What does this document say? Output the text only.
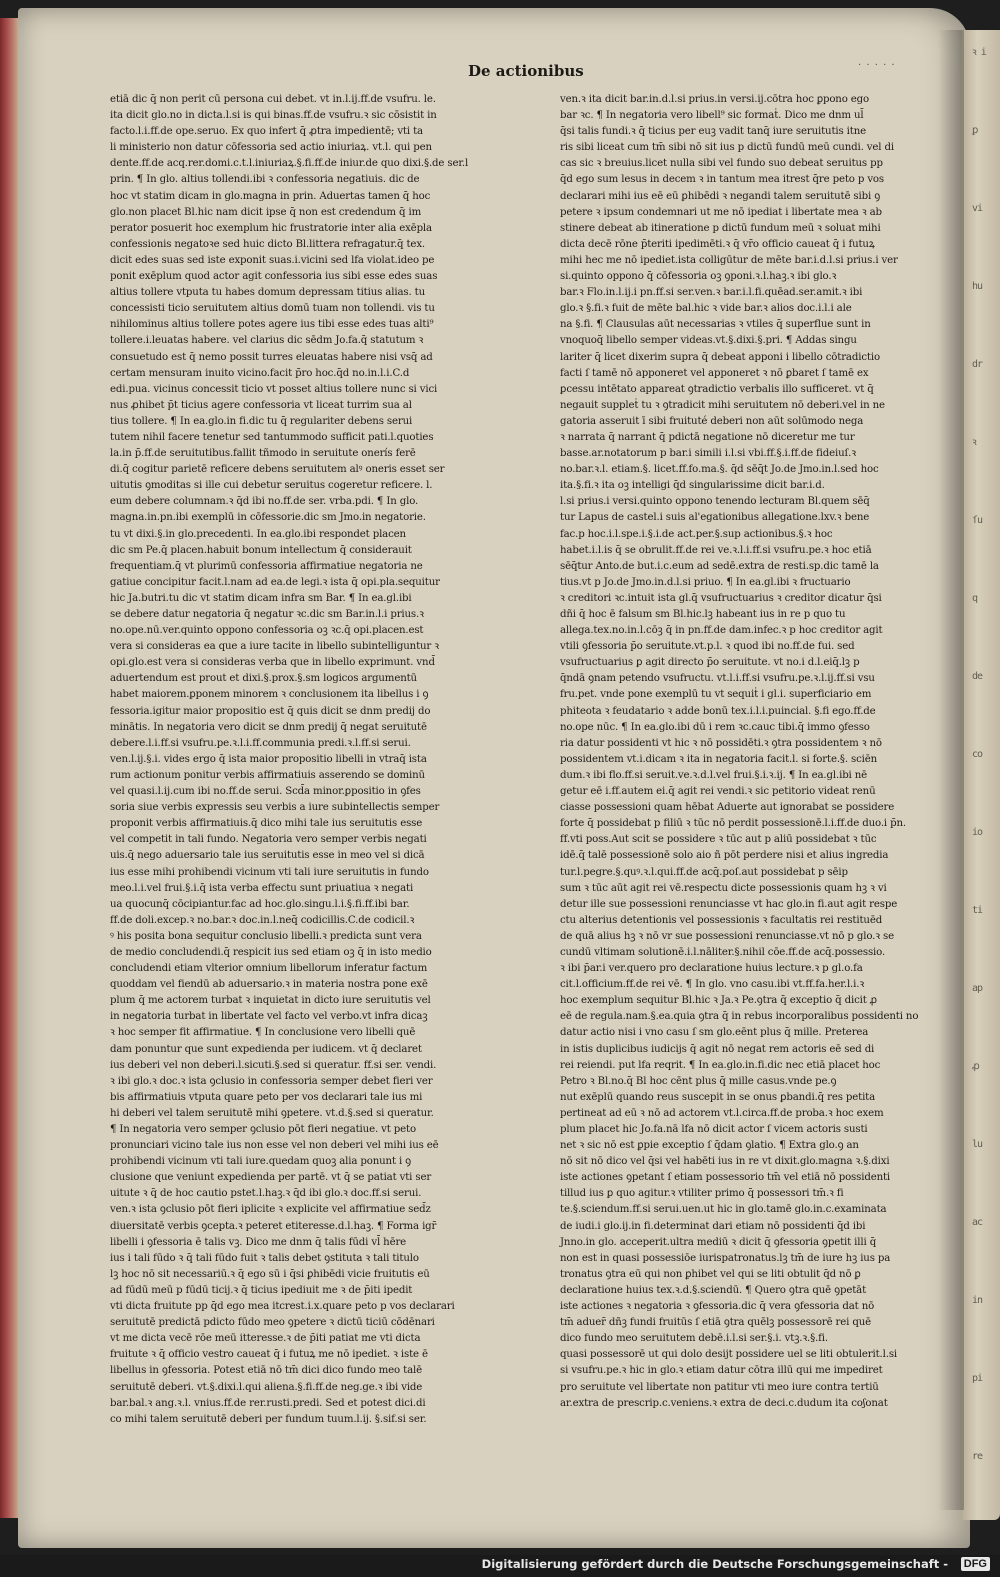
ꝛ i
ꝑ
vi
hu
dr
ꝛ
ſu
q
de
co
io
ti
ap
ꝓ
lu
ac
in
pi
re
De actionibus	· · · · ·

etiā dic q̄ non perit cū persona cui debet. vt in.l.ij.ff.de vsufru. le.

ita dicit glo.no in dicta.l.si is qui binas.ff.de vsufru.ꝛ sic cōsistit in

facto.l.i.ff.de ope.seruo. Ex quo infert q̄ ꝓtra impedientē; vti ta

li ministerio non datur cōfessoria sed actio iniuriaꝝ. vt.l. qui pen

dente.ff.de acq.rer.domi.c.t.l.iniuriaꝝ.§.fi.ff.de iniur.de quo dixi.§.de ser.l

prin. ¶ In glo. altius tollendi.ibi ꝛ confessoria negatiuis. dic de

hoc vt statim dicam in glo.magna in prin. Aduertas tamen q̄ hoc

glo.non placet Bl.hic nam dicit ipse q̄ non est credendum q̄ im

perator posuerit hoc exemplum hic frustratorie inter alia exēpla

confessionis negatoꝛe sed huic dicto Bl.littera refragatur.q̄ tex.

dicit edes suas sed iste exponit suas.i.vicini sed lfa violat.ideo pe

ponit exēplum quod actor agit confessoria ius sibi esse edes suas

altius tollere vtputa tu habes domum depressam titius alias. tu

concessisti ticio seruitutem altius domū tuam non tollendi. vis tu

nihilominus altius tollere potes agere ius tibi esse edes tuas alti⁹

tollere.i.leuatas habere. vel clarius dic sēdm Jo.fa.q̄ statutum ꝛ

consuetudo est q̄ nemo possit turres eleuatas habere nisi vsq̄ ad

certam mensuram inuito vicino.facit p̄ro hoc.q̄d no.in.l.i.C.d

edi.pua. vicinus concessit ticio vt posset altius tollere nunc si vici

nus ꝓhibet p̄t ticius agere confessoria vt liceat turrim sua al

tius tollere. ¶ In ea.glo.in fi.dic tu q̄ regulariter debens serui

tutem nihil facere tenetur sed tantummodo sufficit pati.l.quoties

la.in p̄.ff.de seruitutibus.fallit tñmodo in seruitute onerís ferē

di.q̄ cogitur parietē reficere debens seruitutem alꝰ oneris esset ser

uitutis ꝯmoditas si ille cui debetur seruitus cogeretur reficere. l.

eum debere columnam.ꝛ q̄d ibi no.ff.de ser. vrba.pdi. ¶ In glo.

magna.in.pn.ibi exemplū in cōfessorie.dic sm Jmo.in negatorie.

tu vt dixi.§.in glo.precedenti. In ea.glo.ibi respondet placen

dic sm Pe.q̄ placen.habuit bonum intellectum q̄ considerauit

frequentiam.q̄ vt plurimū confessoria affirmatiue negatoria ne

gatiue concipitur facit.l.nam ad ea.de legi.ꝛ ista q̄ opi.pla.sequitur

hic Ja.butri.tu dic vt statim dicam infra sm Bar. ¶ In ea.gl.ibi

se debere datur negatoria q̄ negatur ꝛc.dic sm Bar.in.l.i prius.ꝛ

no.ope.nū.ver.quinto oppono confessoria oꝫ ꝛc.q̄ opi.placen.est

vera si consideras ea que a iure tacite in libello subintelliguntur ꝛ

opi.glo.est vera si consideras verba que in libello exprimunt. vnd̄

aduertendum est prout et dixi.§.prox.§.sm logicos argumentū

habet maiorem.ꝑponem minorem ꝛ conclusionem ita libellus i ꝯ

fessoria.igitur maior propositio est q̄ quis dicit se dnm predij do

minātis. In negatoria vero dicit se dnm predij q̄ negat seruitutē

debere.l.i.ff.si vsufru.pe.ꝛ.l.i.ff.communia predi.ꝛ.l.ff.si serui.

ven.l.ij.§.i. vides ergo q̄ ista maior propositio libelli in vtraq̄ ista

rum actionum ponitur verbis affirmatiuis asserendo se dominū

vel quasi.l.ij.cum ibi no.ff.de serui. Scd̄a minor.ꝑpositio in ꝯfes

soria siue verbis expressis seu verbis a iure subintellectis semper

proponit verbis affirmatiuis.q̄ dico mihi tale ius seruitutis esse

vel competit in tali fundo. Negatoria vero semper verbis negati

uis.q̄ nego aduersario tale ius seruitutis esse in meo vel si dicā

ius esse mihi prohibendi vicinum vti tali iure seruitutis in fundo

meo.l.i.vel frui.§.i.q̄ ista verba effectu sunt priuatiua ꝛ negati

ua quocunq̄ cōcipiantur.fac ad hoc.glo.singu.l.i.§.fi.ff.ibi bar.

ff.de doli.excep.ꝛ no.bar.ꝛ doc.in.l.neq̄ codicillis.C.de codicil.ꝛ

ꝰ his posita bona sequitur conclusio libelli.ꝛ predicta sunt vera

de medio concludendi.q̄ respicit ius sed etiam oꝫ q̄ in isto medio

concludendi etiam vlterior omnium libellorum inferatur factum

quoddam vel fiendū ab aduersario.ꝛ in materia nostra pone exē

plum q̄ me actorem turbat ꝛ inquietat in dicto iure seruitutis vel

in negatoria turbat in libertate vel facto vel verbo.vt infra dicaꝫ

ꝛ hoc semper fit affirmatiue. ¶ In conclusione vero libelli quē

dam ponuntur que sunt expedienda per iudicem. vt q̄ declaret

ius deberi vel non deberi.l.sicuti.§.sed si queratur. ff.si ser. vendi.

ꝛ ibi glo.ꝛ doc.ꝛ ista ꝯclusio in confessoria semper debet fieri ver

bis affirmatiuis vtputa quare peto per vos declarari tale ius mi

hi deberi vel talem seruitutē mihi ꝯpetere. vt.d.§.sed si queratur.

¶ In negatoria vero semper ꝯclusio pōt fieri negatiue. vt peto

pronunciari vicino tale ius non esse vel non deberi vel mihi ius eē

prohibendi vicinum vti tali iure.quedam quoꝫ alia ponunt i ꝯ

clusione que veniunt expedienda per partē. vt q̄ se patiat vti ser

uitute ꝛ q̄ de hoc cautio pstet.l.haꝫ.ꝛ q̄d ibi glo.ꝛ doc.ff.si serui.

ven.ꝛ ista ꝯclusio pōt fieri iplicite ꝛ explicite vel affirmatiue sed̄z

diuersitatē verbis ꝯcepta.ꝛ peteret etiteresse.d.l.haꝫ. ¶ Forma igr̄

libelli i ꝯfessoria ē talis vꝫ. Dico me dnm q̄ talis fūdi vl̄ hēre

ius i tali fūdo ꝛ q̄ tali fūdo fuit ꝛ talis debet ꝯstituta ꝛ tali titulo

lꝫ hoc nō sit necessariū.ꝛ q̄ ego sū i q̄si ꝑhibēdi vicie fruitutis eū

ad fūdū meū p fūdū ticij.ꝛ q̄ ticius ipediuit me ꝛ de p̄iti ipedit

vti dicta fruitute pp q̄d ego mea itcrest.i.x.quare peto p vos declarari

seruitutē predictā pdicto fūdo meo ꝯpetere ꝛ dictū ticiū cōdēnari

vt me dicta vecē rōe meū itteresse.ꝛ de p̄iti patiat me vti dicta

fruitute ꝛ q̄ officio vestro caueat q̄ i futuꝝ me nō ipediet. ꝛ iste ē

libellus in ꝯfessoria. Potest etiā nō tm̄ dici dico fundo meo talē

seruitutē deberi. vt.§.dixi.l.qui aliena.§.fi.ff.de neg.ge.ꝛ ibi vide

bar.bal.ꝛ ang.ꝛ.l. vnius.ff.de rer.rusti.predi. Sed et potest dici.di

co mihi talem seruitutē deberi per fundum tuum.l.ij. §.sif.si ser.

ven.ꝛ ita dicit bar.in.d.l.si prius.in versi.ij.cōtra hoc ꝑpono ego

bar ꝛc. ¶ In negatoria vero libell⁹ sic formaṫ. Dico me dnm ul̄

q̄si talis fundi.ꝛ q̄ ticius per euꝫ vadit tanq̄ iure seruitutis itne

ris sibi liceat cum tm̄ sibi nō sit ius p dictū fundū meū cundi. vel di

cas sic ꝛ breuius.licet nulla sibi vel fundo suo debeat seruitus pp

q̄d ego sum lesus in decem ꝛ in tantum mea itrest q̄re peto p vos

declarari mihi ius eē eū ꝑhibēdi ꝛ negandi talem seruitutē sibi ꝯ

petere ꝛ ipsum condemnari ut me nō ipediat i libertate mea ꝛ ab

stinere debeat ab itineratione p dictū fundum meū ꝛ soluat mihi

dicta decē rōne p̄teriti ipedimēti.ꝛ q̄ vr̄o officio caueat q̄ i futuꝝ

mihi hec me nō ipediet.ista colligūtur de mēte bar.i.d.l.si prius.i ver

si.quinto oppono q̄ cōfessoria oꝫ ꝯponi.ꝛ.l.haꝫ.ꝛ ibi glo.ꝛ

bar.ꝛ Flo.in.l.ij.i pn.ff.si ser.ven.ꝛ bar.i.l.fi.quēad.ser.amit.ꝛ ibi

glo.ꝛ §.fi.ꝛ fuit de mēte bal.hic ꝛ vide bar.ꝛ alios doc.i.l.i ale

na §.fi. ¶ Clausulas aūt necessarias ꝛ vtiles q̄ superflue sunt in

vnoquoq̄ libello semper videas.vt.§.dixi.§.pri. ¶ Addas singu

lariter q̄ licet dixerim supra q̄ debeat apponi i libello cōtradictio

facti ſ tamē nō apponeret vel apponeret ꝛ nō ꝑbaret ſ tamē ex

ꝑcessu intētato appareat ꝯtradictio verbalis illo sufficeret. vt q̄

negauit suppleṫ tu ꝛ ꝯtradicit mihi seruitutem nō deberi.vel in ne

gatoria asseruit ī sibi fruituté deberi non aūt solūmodo nega

ꝛ narrata q̄ narrant q̄ pdictā negatione nō diceretur me tur

basse.ar.notatorum p bar.i simili i.l.si vbi.ff.§.i.ff.de fideiuſ.ꝛ

no.bar.ꝛ.l. etiam.§. licet.ff.fo.ma.§. q̄d sēq̄t Jo.de Jmo.in.l.sed hoc

ita.§.fi.ꝛ ita oꝫ intelligi q̄d singularissime dicit bar.i.d.

l.si prius.i versi.quinto oppono tenendo lecturam Bl.quem sēq̄

tur Lapus de castel.i suis al'egationibus allegatione.lxv.ꝛ bene

fac.p hoc.i.l.spe.i.§.i.de act.per.§.sup actionibus.§.ꝛ hoc

habet.i.l.is q̄ se obrulit.ff.de rei ve.ꝛ.l.i.ff.si vsufru.pe.ꝛ hoc etiā

sēq̄tur Anto.de but.i.c.eum ad sedē.extra de resti.sp.dic tamē la

tius.vt p Jo.de Jmo.in.d.l.si priuo. ¶ In ea.gl.ibi ꝛ fructuario

ꝛ creditori ꝛc.intuit ista gl.q̄ vsufructuarius ꝛ creditor dicatur q̄si

dñi q̄ hoc ē falsum sm Bl.hic.lꝫ habeant ius in re p quo tu

allega.tex.no.in.l.cōꝫ q̄ in pn.ff.de dam.infec.ꝛ p hoc creditor agit

vtili ꝯfessoria p̄o seruitute.vt.p.l. ꝛ quod ibi no.ff.de fui. sed

vsufructuarius ꝑ agit directo p̄o seruitute. vt no.i d.l.eiq̄.lꝫ p

q̄ndā ꝯnam petendo vsufructu. vt.l.i.ff.si vsufru.pe.ꝛ.l.ij.ff.si vsu

fru.pet. vnde pone exemplū tu vt sequiṫ i gl.i. superficiario em

phiteota ꝛ feudatario ꝛ adde bonū tex.i.l.i.puincial. §.fi ego.ff.de

no.ope nūc. ¶ In ea.glo.ibi dū i rem ꝛc.cauc tibi.q̄ immo ꝯfesso

ria datur possidenti vt hic ꝛ nō possidēti.ꝛ ꝯtra possidentem ꝛ nō

possidentem vt.i.dicam ꝛ ita in negatoria facit.l. si forte.§. sciēn

dum.ꝛ ibi flo.ff.si seruit.ve.ꝛ.d.l.vel frui.§.i.ꝛ.ij. ¶ In ea.gl.ibi nē

getur eē i.ff.autem ei.q̄ agit rei vendi.ꝛ sic petitorio videat renū

ciasse possessioni quam hēbat Aduerte aut ignorabat se possidere

forte q̄ possidebat p filiū ꝛ tūc nō perdit possessionē.l.i.ff.de duo.i p̄n.

ff.vti poss.Aut scit se possidere ꝛ tūc aut p aliū possidebat ꝛ tūc

idē.q̄ talē possessionē solo aio ñ pōt perdere nisi et alius ingredia

tur.l.pegre.§.quꝰ.ꝛ.l.qui.ff.de acq̄.poſ.aut possidebat p sēip

sum ꝛ tūc aūt agit rei vē.respectu dicte possessionis quam hꝫ ꝛ vi

detur ille sue possessioni renunciasse vt hac glo.in fi.aut agit respe

ctu alterius detentionis vel possessionis ꝛ facultatis rei restituēd

de quā alius hꝫ ꝛ nō vr sue possessioni renunciasse.vt nō p glo.ꝛ se

cundū vltimam solutionē.i.l.nāliter.§.nihil cōe.ff.de acq̄.possessio.

ꝛ ibi p̄ar.i ver.quero pro declaratione huius lecture.ꝛ p gl.o.fa

cit.l.officium.ff.de rei vē. ¶ In glo. vno casu.ibi vt.ff.fa.her.l.i.ꝛ

hoc exemplum sequitur Bl.hic ꝛ Ja.ꝛ Pe.ꝯtra q̄ exceptio q̄ dicit ꝓ

eē de regula.nam.§.ea.quia ꝯtra q̄ in rebus incorporalibus possidenti no

datur actio nisi i vno casu ſ sm glo.eēnt plus q̄ mille. Preterea

in istis duplicibus iudicijs q̄ agit nō negat rem actoris eē sed di

rei reiendi. put lfa reqrit. ¶ In ea.glo.in.fi.dic nec etiā placet hoc

Petro ꝛ Bl.no.q̄ Bl hoc cēnt plus q̄ mille casus.vnde pe.ꝯ

nut exēplū quando reus suscepit in se onus ꝑbandi.q̄ res petita

pertineat ad eū ꝛ nō ad actorem vt.l.circa.ff.de proba.ꝛ hoc exem

plum placet hic Jo.fa.nā lfa nō dicit actor ſ vicem actoris susti

net ꝛ sic nō est ꝑpie exceptio ſ q̄dam ꝯlatio. ¶ Extra glo.ꝯ an

nō sit nō dico vel q̄si vel habēti ius in re vt dixit.glo.magna ꝛ.§.dixi

iste actiones ꝯpetant ſ etiam possessorio tm̄ vel etiā nō possidenti

tillud ius ꝑ quo agitur.ꝛ vtiliter primo q̄ possessori tm̄.ꝛ fi

te.§.sciendum.ff.si serui.uen.ut hic in glo.tamē glo.in.c.examinata

de iudi.i glo.ij.in fi.determinat dari etiam nō possidenti q̄d ibi

Jnno.in glo. acceperit.ultra mediū ꝛ dicit q̄ ꝯfessoria ꝯpetit illi q̄

non est in quasi possessiōe iurispatronatus.lꝫ tm̄ de iure hꝫ ius pa

tronatus ꝯtra eū qui non ꝑhibet vel qui se liti obtulit q̄d nō ꝑ

declaratione huius tex.ꝛ.d.§.sciendū. ¶ Quero ꝯtra quē ꝯpetāt

iste actiones ꝛ negatoria ꝛ ꝯfessoria.dic q̄ vera ꝯfessoria dat nō

tm̄ aduer̄ dñꝫ fundi fruitūs ſ etiā ꝯtra quēlꝫ possessorē rei quē

dico fundo meo seruitutem debē.i.l.si ser.§.i. vtꝫ.ꝛ.§.fi.

quasi possessorē ut qui dolo desijt possidere uel se liti obtulerit.l.si

si vsufru.pe.ꝛ hic in glo.ꝛ etiam datur cōtra illū qui me impediret

pro seruitute vel libertate non patitur vti meo iure contra tertiū

ar.extra de prescrip.c.veniens.ꝛ extra de deci.c.dudum ita coʃonat

Digitalisierung gefördert durch die Deutsche Forschungsgemeinschaft - DFG
